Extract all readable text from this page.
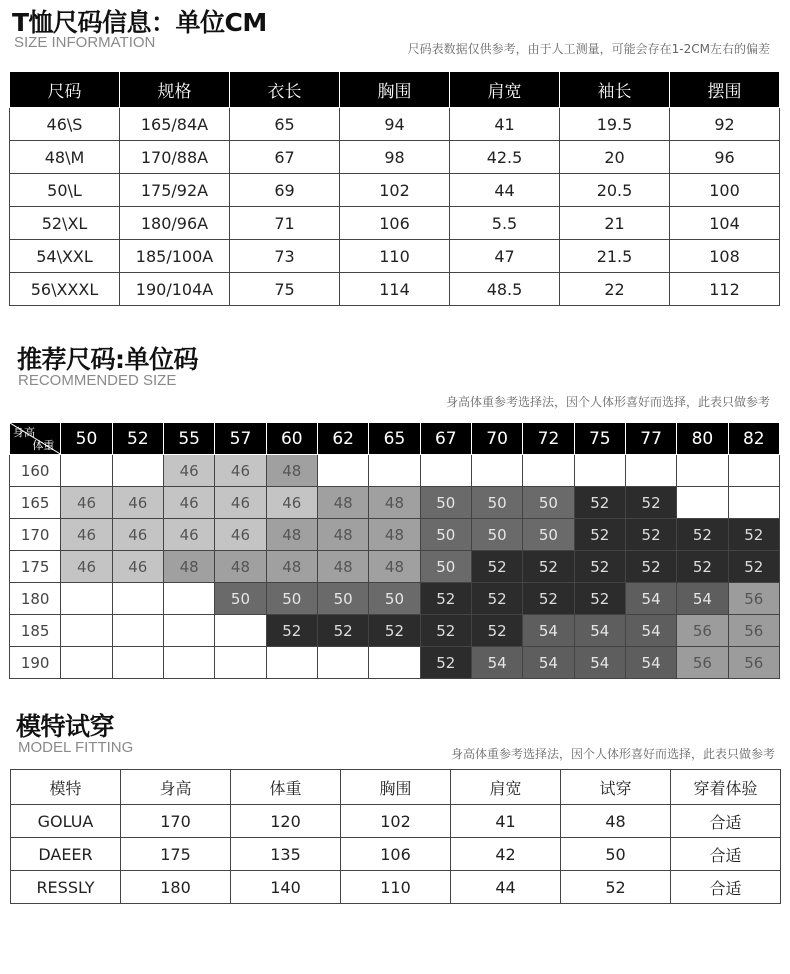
T恤尺码信息：单位CM
SIZE INFORMATION	尺码表数据仅供参考，由于人工测量，可能会存在1-2CM左右的偏差
尺码	规格	衣长	胸围	肩宽	袖长	摆围
46\S	165/84A	65	94	41	19.5	92
48\M	170/88A	67	98	42.5	20	96
50\L	175/92A	69	102	44	20.5	100
52\XL	180/96A	71	106	5.5	21	104
54\XXL	185/100A	73	110	47	21.5	108
56\XXXL	190/104A	75	114	48.5	22	112
推荐尺码:单位码
RECOMMENDED SIZE
身高体重参考选择法，因个人体形喜好而选择，此表只做参考
身高
体重	50	52	55	57	60	62	65	67	70	72	75	77	80	82
160			46	46	48									
165	46	46	46	46	46	48	48	50	50	50	52	52		
170	46	46	46	46	48	48	48	50	50	50	52	52	52	52
175	46	46	48	48	48	48	48	50	52	52	52	52	52	52
180				50	50	50	50	52	52	52	52	54	54	56
185					52	52	52	52	52	54	54	54	56	56
190								52	54	54	54	54	56	56
模特试穿
MODEL FITTING	身高体重参考选择法，因个人体形喜好而选择，此表只做参考
模特	身高	体重	胸围	肩宽	试穿	穿着体验
GOLUA	170	120	102	41	48	合适
DAEER	175	135	106	42	50	合适
RESSLY	180	140	110	44	52	合适
